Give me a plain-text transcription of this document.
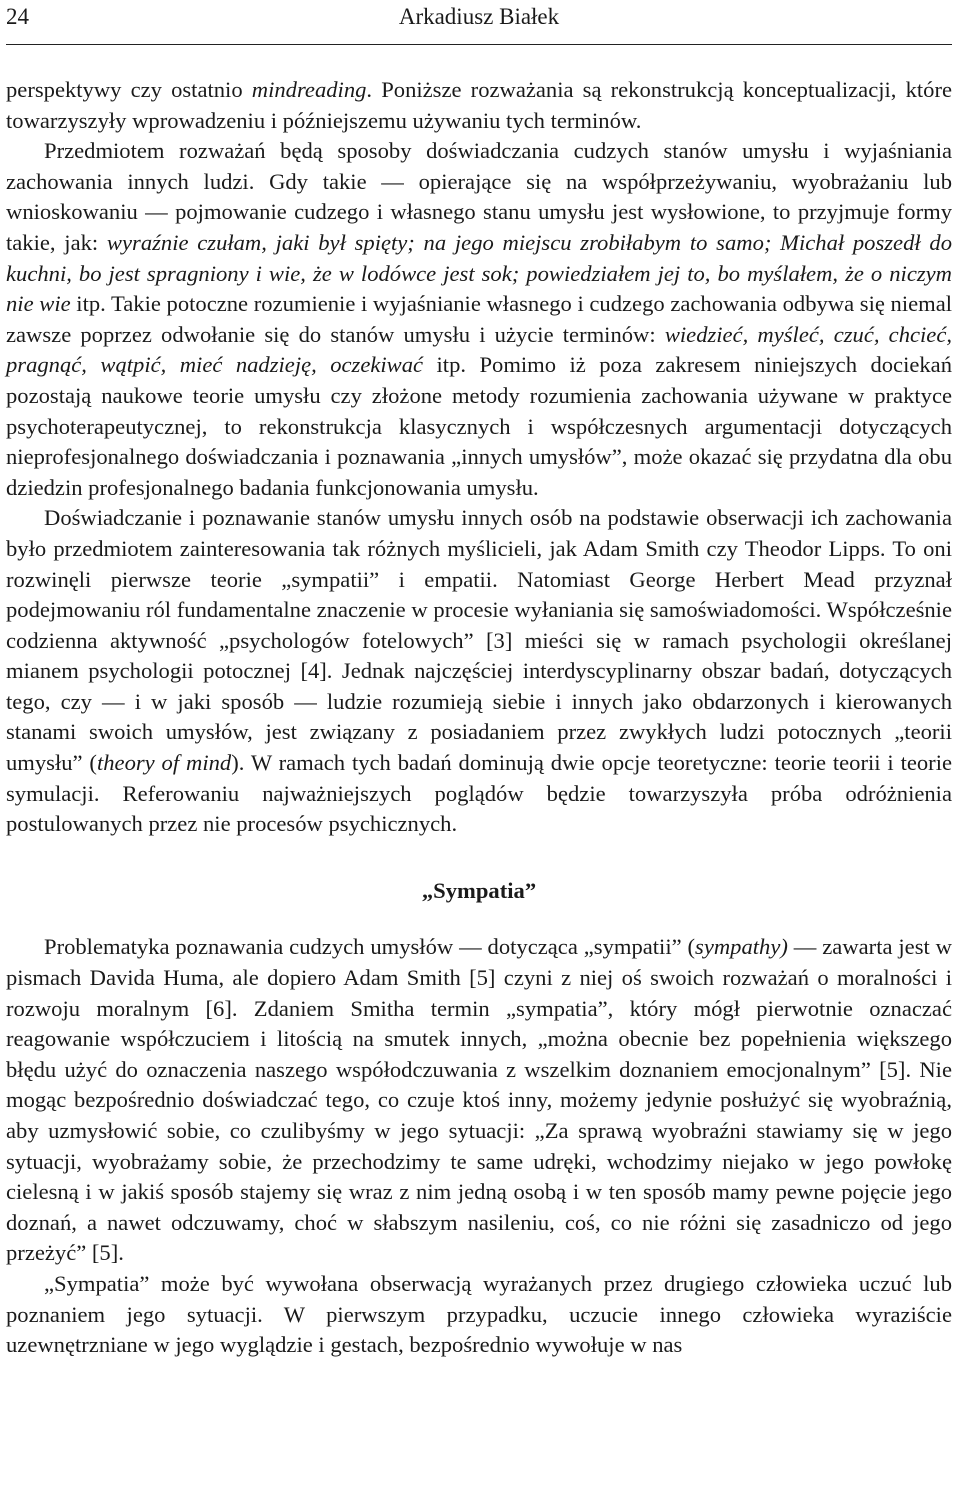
24	Arkadiusz Białek

perspektywy czy ostatnio mindreading. Poniższe rozważania są rekonstrukcją konceptualizacji, które towarzyszyły wprowadzeniu i późniejszemu używaniu tych terminów.

Przedmiotem rozważań będą sposoby doświadczania cudzych stanów umysłu i wyjaśniania zachowania innych ludzi. Gdy takie — opierające się na współprzeżywaniu, wyobrażaniu lub wnioskowaniu — pojmowanie cudzego i własnego stanu umysłu jest wysłowione, to przyjmuje formy takie, jak: wyraźnie czułam, jaki był spięty; na jego miejscu zrobiłabym to samo; Michał poszedł do kuchni, bo jest spragniony i wie, że w lodówce jest sok; powiedziałem jej to, bo myślałem, że o niczym nie wie itp. Takie potoczne rozumienie i wyjaśnianie własnego i cudzego zachowania odbywa się niemal zawsze poprzez odwołanie się do stanów umysłu i użycie terminów: wiedzieć, myśleć, czuć, chcieć, pragnąć, wątpić, mieć nadzieję, oczekiwać itp. Pomimo iż poza zakresem niniejszych dociekań pozostają naukowe teorie umysłu czy złożone metody rozumienia zachowania używane w praktyce psychoterapeutycznej, to rekonstrukcja klasycznych i współczesnych argumentacji dotyczących nieprofesjonalnego doświadczania i poznawania „innych umysłów”, może okazać się przydatna dla obu dziedzin profesjonalnego badania funkcjonowania umysłu.

Doświadczanie i poznawanie stanów umysłu innych osób na podstawie obserwacji ich zachowania było przedmiotem zainteresowania tak różnych myślicieli, jak Adam Smith czy Theodor Lipps. To oni rozwinęli pierwsze teorie „sympatii” i empatii. Natomiast George Herbert Mead przyznał podejmowaniu ról fundamentalne znaczenie w procesie wyłaniania się samoświadomości. Współcześnie codzienna aktywność „psychologów fotelowych” [3] mieści się w ramach psychologii określanej mianem psychologii potocznej [4]. Jednak najczęściej interdyscyplinarny obszar badań, dotyczących tego, czy — i w jaki sposób — ludzie rozumieją siebie i innych jako obdarzonych i kierowanych stanami swoich umysłów, jest związany z posiadaniem przez zwykłych ludzi potocznych „teorii umysłu” (theory of mind). W ramach tych badań dominują dwie opcje teoretyczne: teorie teorii i teorie symulacji. Referowaniu najważniejszych poglądów będzie towarzyszyła próba odróżnienia postulowanych przez nie procesów psychicznych.

„Sympatia”

Problematyka poznawania cudzych umysłów — dotycząca „sympatii” (sympathy) — zawarta jest w pismach Davida Huma, ale dopiero Adam Smith [5] czyni z niej oś swoich rozważań o moralności i rozwoju moralnym [6]. Zdaniem Smitha termin „sympatia”, który mógł pierwotnie oznaczać reagowanie współczuciem i litością na smutek innych, „można obecnie bez popełnienia większego błędu użyć do oznaczenia naszego współodczuwania z wszelkim doznaniem emocjonalnym” [5]. Nie mogąc bezpośrednio doświadczać tego, co czuje ktoś inny, możemy jedynie posłużyć się wyobraźnią, aby uzmysłowić sobie, co czulibyśmy w jego sytuacji: „Za sprawą wyobraźni stawiamy się w jego sytuacji, wyobrażamy sobie, że przechodzimy te same udręki, wchodzimy niejako w jego powłokę cielesną i w jakiś sposób stajemy się wraz z nim jedną osobą i w ten sposób mamy pewne pojęcie jego doznań, a nawet odczuwamy, choć w słabszym nasileniu, coś, co nie różni się zasadniczo od jego przeżyć” [5].

„Sympatia” może być wywołana obserwacją wyrażanych przez drugiego człowieka uczuć lub poznaniem jego sytuacji. W pierwszym przypadku, uczucie innego człowieka wyraziście uzewnętrzniane w jego wyglądzie i gestach, bezpośrednio wywołuje w nas
